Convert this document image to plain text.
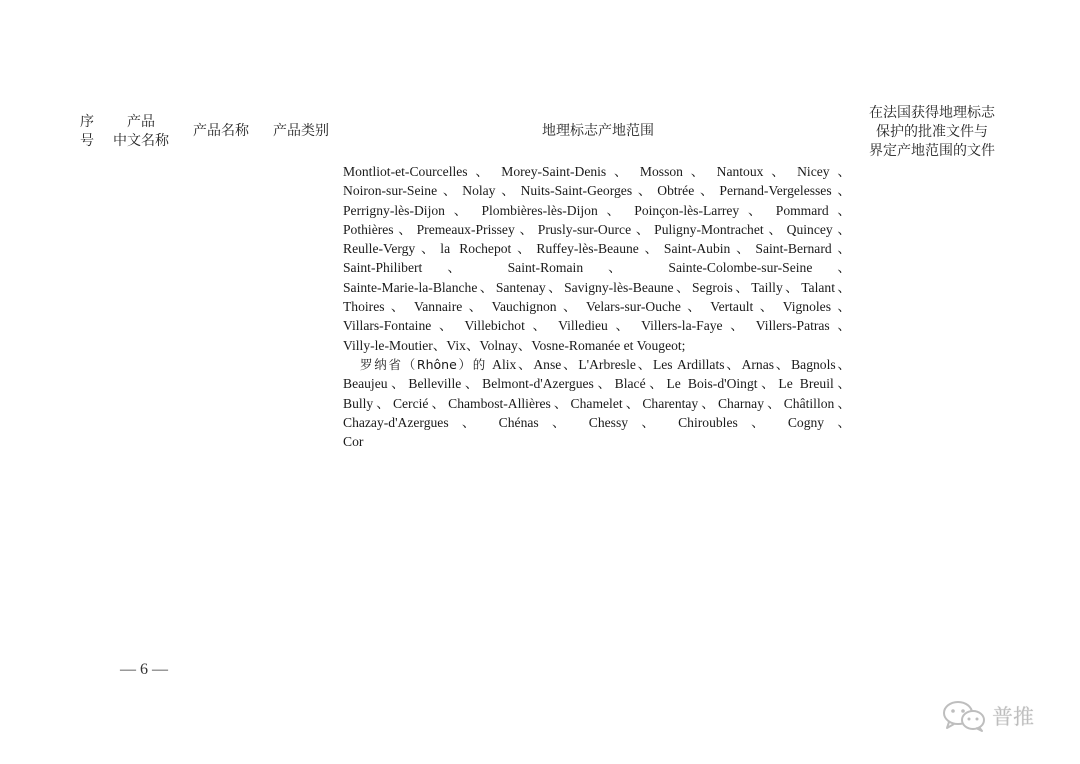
序
号
产品
中文名称
产品名称	产品类别	地理标志产地范围
在法国获得地理标志
保护的批准文件与
界定产地范围的文件
Montliot-et-Courcelles 、 Morey-Saint-Denis 、 Mosson 、 Nantoux 、 Nicey 、
Noiron-sur-Seine、Nolay、Nuits-Saint-Georges、Obtrée、Pernand-Vergelesses、
Perrigny-lès-Dijon 、 Plombières-lès-Dijon 、 Poinçon-lès-Larrey 、 Pommard 、
Pothières、Premeaux-Prissey、Prusly-sur-Ource、Puligny-Montrachet、Quincey、
Reulle-Vergy、la Rochepot、Ruffey-lès-Beaune、Saint-Aubin、Saint-Bernard、
Saint-Philibert 、 Saint-Romain 、 Sainte-Colombe-sur-Seine 、
Sainte-Marie-la-Blanche、Santenay、Savigny-lès-Beaune、Segrois、Tailly、Talant、
Thoires 、 Vannaire 、 Vauchignon 、 Velars-sur-Ouche 、 Vertault 、 Vignoles 、
Villars-Fontaine 、 Villebichot 、 Villedieu 、 Villers-la-Faye 、 Villers-Patras 、
Villy-le-Moutier、Vix、Volnay、Vosne-Romanée et Vougeot;
罗纳省（Rhône）的 Alix、Anse、L'Arbresle、Les Ardillats、Arnas、Bagnols、
Beaujeu、Belleville、Belmont-d'Azergues、Blacé、Le Bois-d'Oingt、Le Breuil、
Bully、Cercié、Chambost-Allières、Chamelet、Charentay、Charnay、Châtillon、
Chazay-d'Azergues 、 Chénas 、 Chessy 、 Chiroubles 、 Cogny 、
Cor
— 6 —
普推
